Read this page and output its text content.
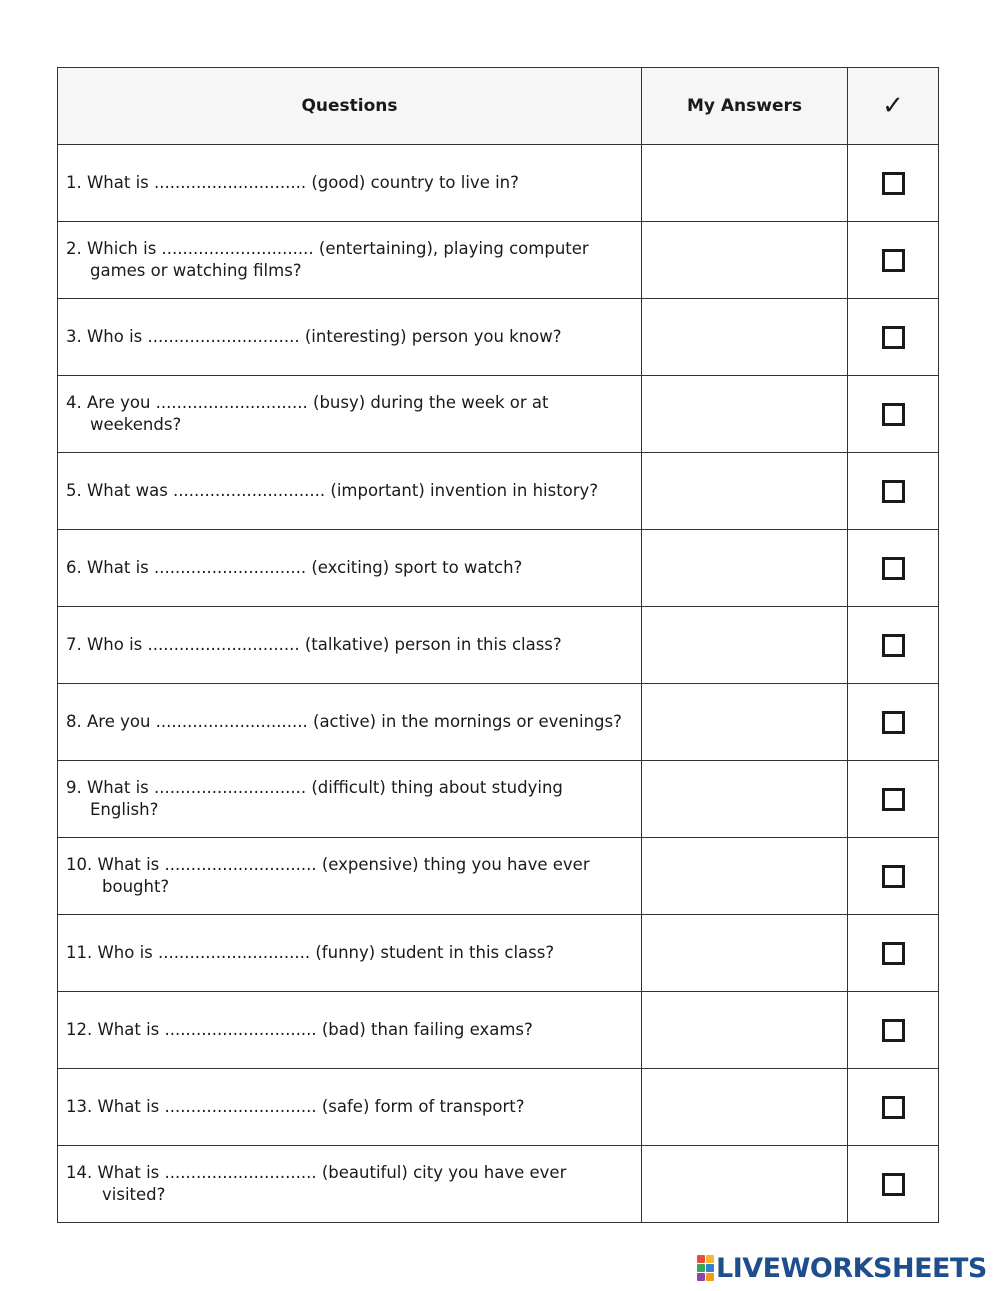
Questions	My Answers	✓

1. What is ............................. (good) country to live in?		

2. Which is ............................. (entertaining), playing computer games or watching films?		

3. Who is ............................. (interesting) person you know?		

4. Are you ............................. (busy) during the week or at weekends?		

5. What was ............................. (important) invention in history?		

6. What is ............................. (exciting) sport to watch?		

7. Who is ............................. (talkative) person in this class?		

8. Are you ............................. (active) in the mornings or evenings?		

9. What is ............................. (difficult) thing about studying English?		

10. What is ............................. (expensive) thing you have ever bought?		

11. Who is ............................. (funny) student in this class?		

12. What is ............................. (bad) than failing exams?		

13. What is ............................. (safe) form of transport?		

14. What is ............................. (beautiful) city you have ever visited?		

LIVEWORKSHEETS
